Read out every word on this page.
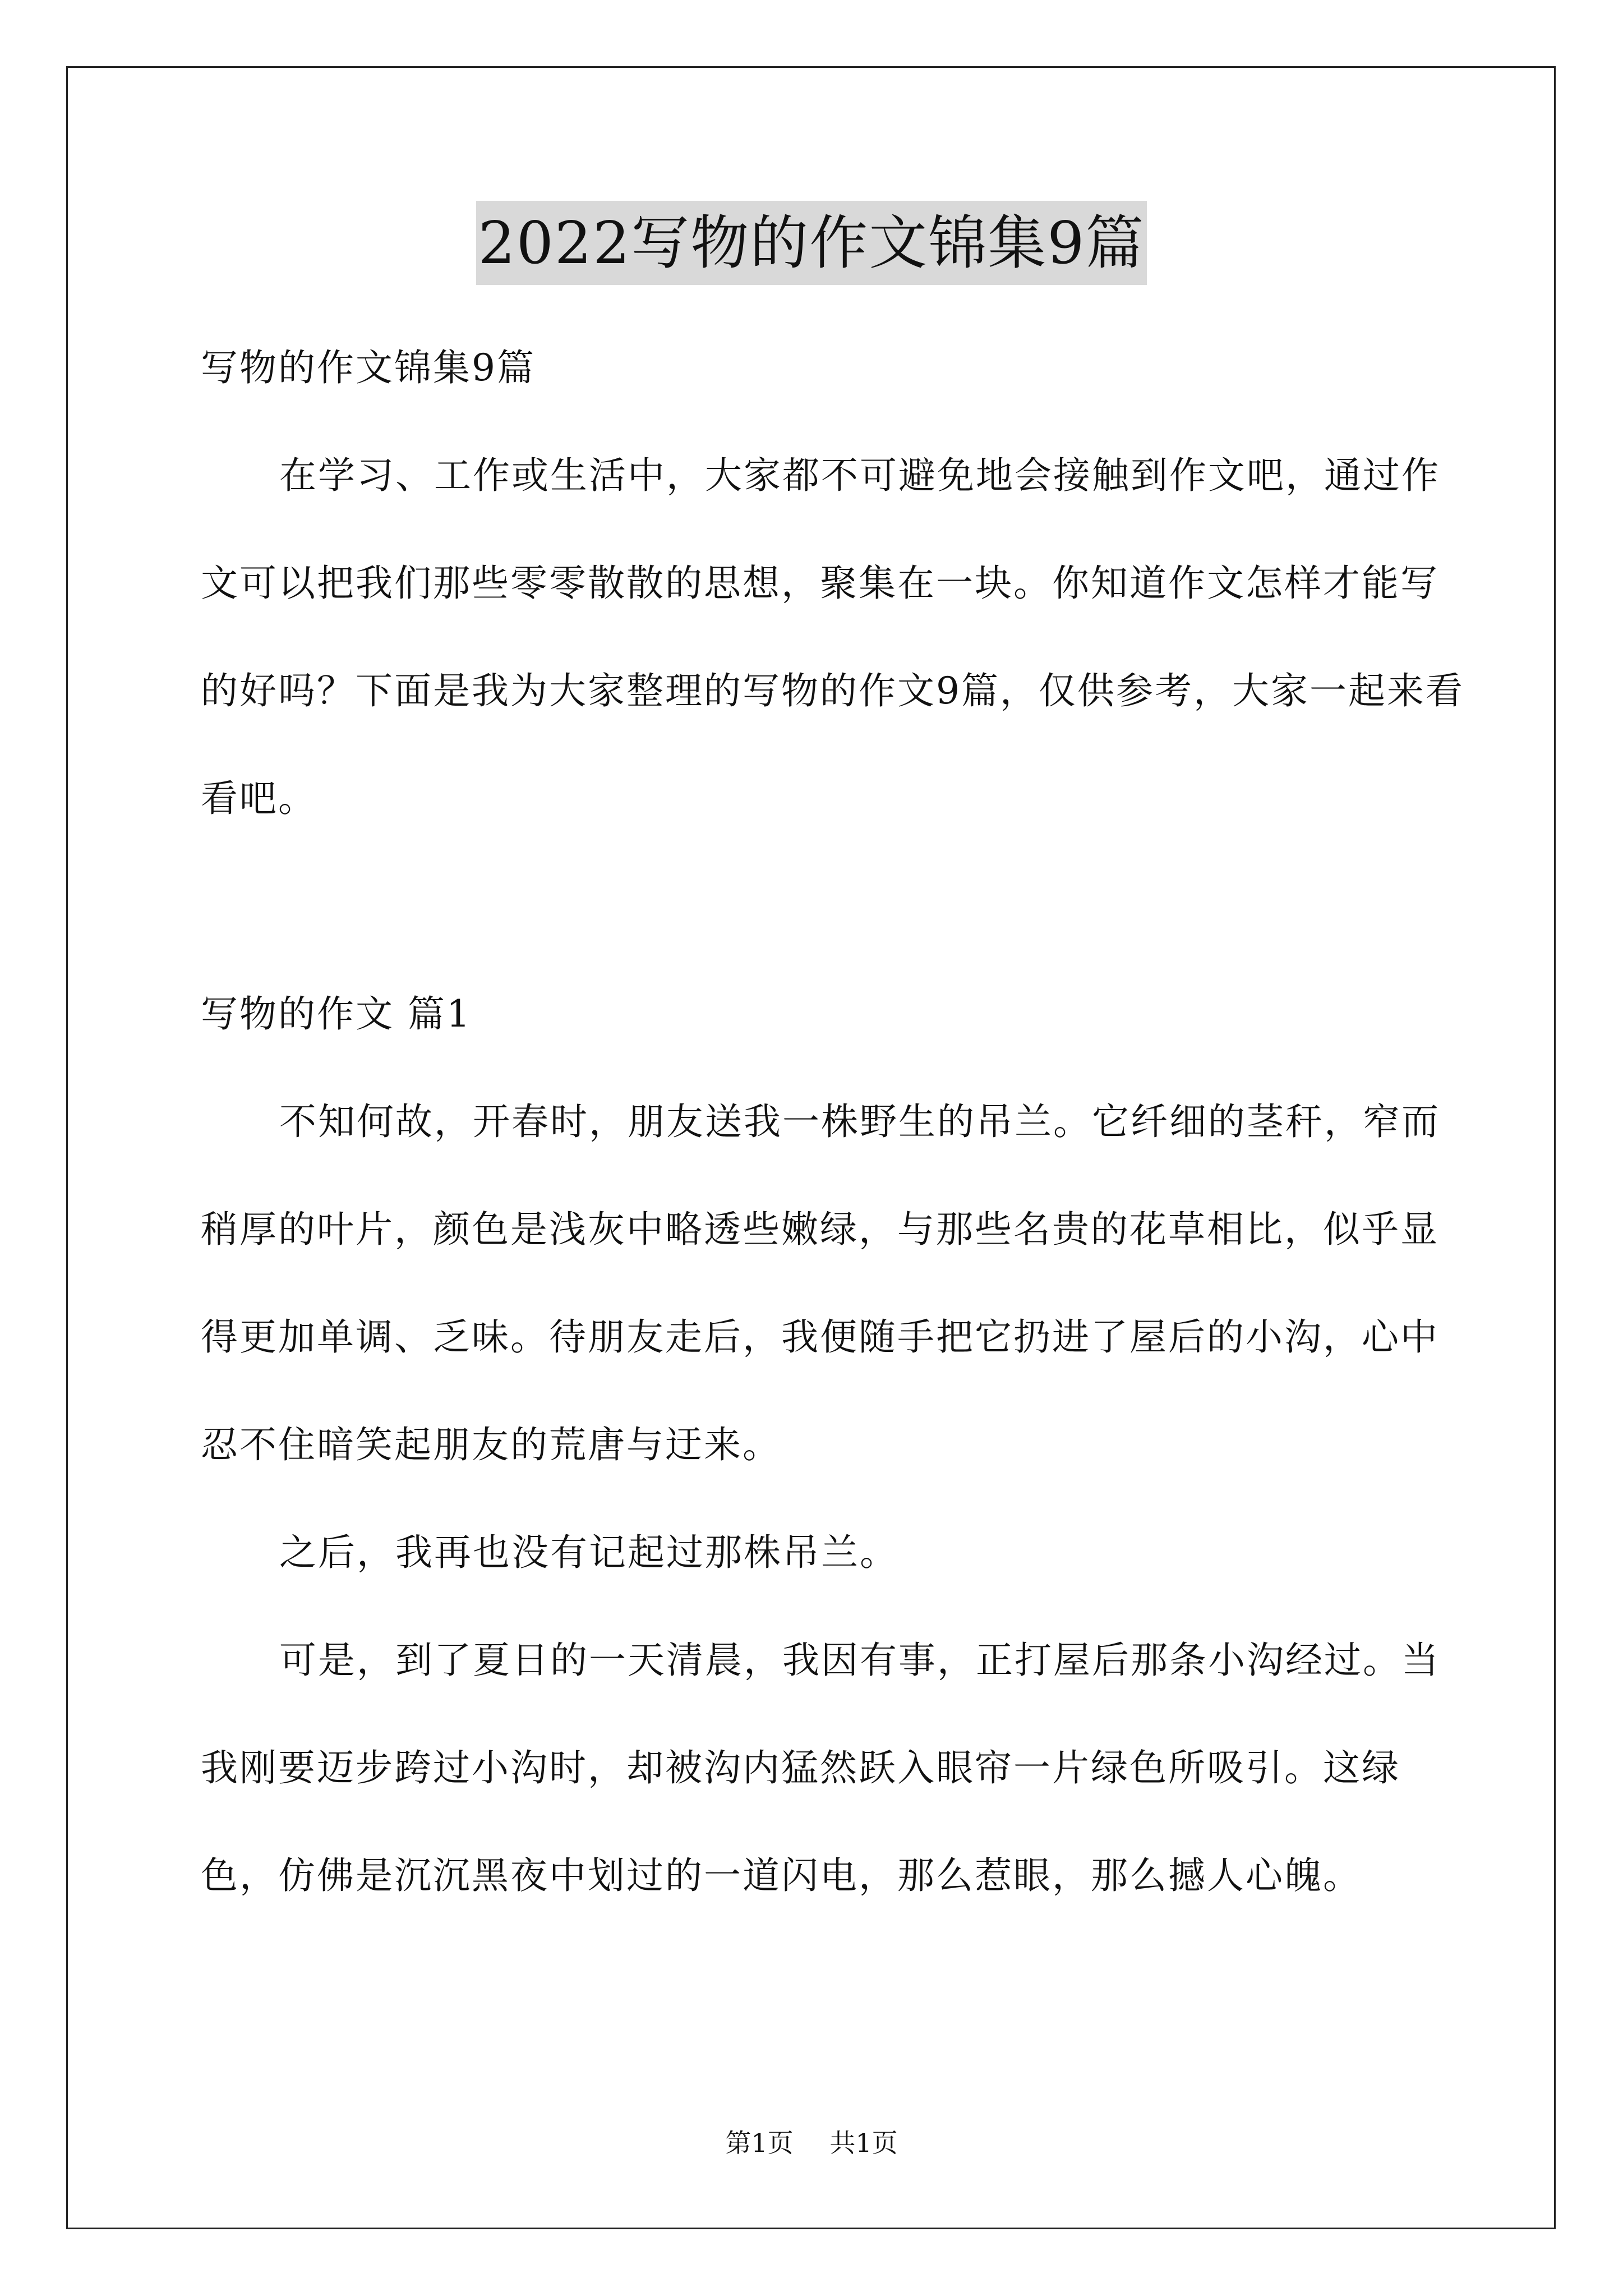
2022写物的作文锦集9篇

写物的作文锦集9篇

在学习、工作或生活中，大家都不可避免地会接触到作文吧，通过作文可以把我们那些零零散散的思想，聚集在一块。你知道作文怎样才能写的好吗？下面是我为大家整理的写物的作文9篇，仅供参考，大家一起来看看吧。

写物的作文 篇1

不知何故，开春时，朋友送我一株野生的吊兰。它纤细的茎秆，窄而稍厚的叶片，颜色是浅灰中略透些嫩绿，与那些名贵的花草相比，似乎显得更加单调、乏味。待朋友走后，我便随手把它扔进了屋后的小沟，心中忍不住暗笑起朋友的荒唐与迂来。

之后，我再也没有记起过那株吊兰。

可是，到了夏日的一天清晨，我因有事，正打屋后那条小沟经过。当我刚要迈步跨过小沟时，却被沟内猛然跃入眼帘一片绿色所吸引。这绿色，仿佛是沉沉黑夜中划过的一道闪电，那么惹眼，那么撼人心魄。

第1页 共1页
